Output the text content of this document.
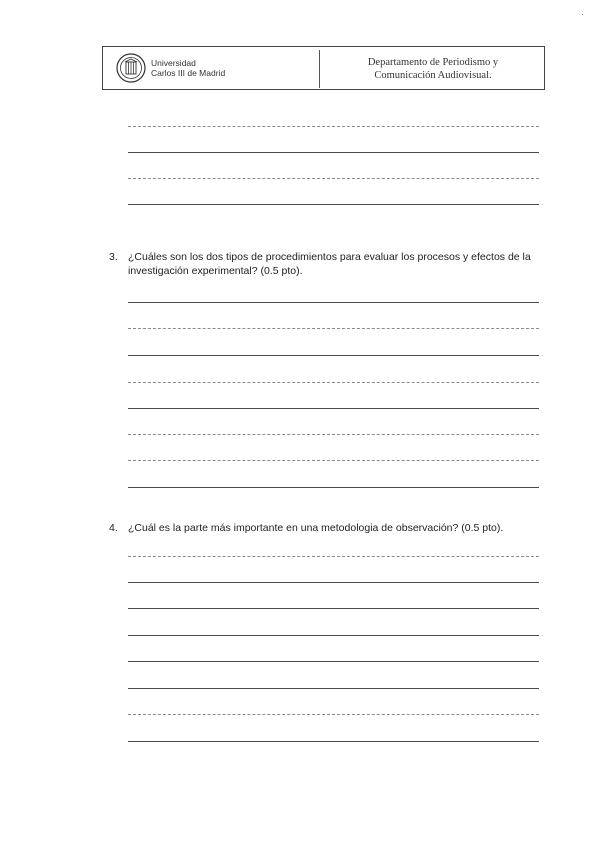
Universidad
Carlos III de Madrid
Departamento de Periodismo y
Comunicación Audiovisual.
3. ¿Cuáles son los dos tipos de procedimientos para evaluar los procesos y efectos de la investigación experimental? (0.5 pto).
4. ¿Cuál es la parte más importante en una metodologia de observación? (0.5 pto).
